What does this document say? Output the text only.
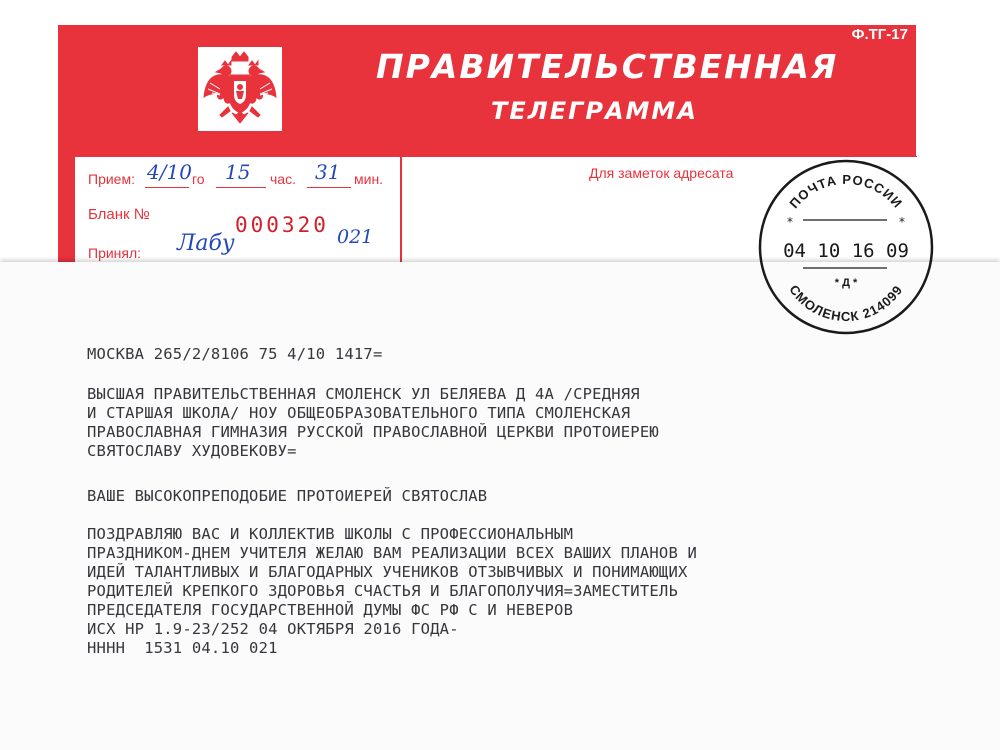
Ф.ТГ-17
ПРАВИТЕЛЬСТВЕННАЯ
ТЕЛЕГРАММА
Прием: 4/10 го 15 час. 31 мин.
Бланк №	000320 021
Принял: Лабу
Для заметок адресата
МОСКВА 265/2/8106 75 4/10 1417=
ВЫСШАЯ ПРАВИТЕЛЬСТВЕННАЯ СМОЛЕНСК УЛ БЕЛЯЕВА Д 4А /СРЕДНЯЯ
И СТАРШАЯ ШКОЛА/ НОУ ОБЩЕОБРАЗОВАТЕЛЬНОГО ТИПА СМОЛЕНСКАЯ
ПРАВОСЛАВНАЯ ГИМНАЗИЯ РУССКОЙ ПРАВОСЛАВНОЙ ЦЕРКВИ ПРОТОИЕРЕЮ
СВЯТОСЛАВУ ХУДОВЕКОВУ=
ВАШЕ ВЫСОКОПРЕПОДОБИЕ ПРОТОИЕРЕЙ СВЯТОСЛАВ
ПОЗДРАВЛЯЮ ВАС И КОЛЛЕКТИВ ШКОЛЫ С ПРОФЕССИОНАЛЬНЫМ
ПРАЗДНИКОМ-ДНЕМ УЧИТЕЛЯ ЖЕЛАЮ ВАМ РЕАЛИЗАЦИИ ВСЕХ ВАШИХ ПЛАНОВ И
ИДЕЙ ТАЛАНТЛИВЫХ И БЛАГОДАРНЫХ УЧЕНИКОВ ОТЗЫВЧИВЫХ И ПОНИМАЮЩИХ
РОДИТЕЛЕЙ КРЕПКОГО ЗДОРОВЬЯ СЧАСТЬЯ И БЛАГОПОЛУЧИЯ=ЗАМЕСТИТЕЛЬ
ПРЕДСЕДАТЕЛЯ ГОСУДАРСТВЕННОЙ ДУМЫ ФС РФ С И НЕВЕРОВ
ИСХ НР 1.9-23/252 04 ОКТЯБРЯ 2016 ГОДА-
НННН  1531 04.10 021
ПОЧТА РОССИИ
*	*
04 10 16 09
* Д *
СМОЛЕНСК 214099
